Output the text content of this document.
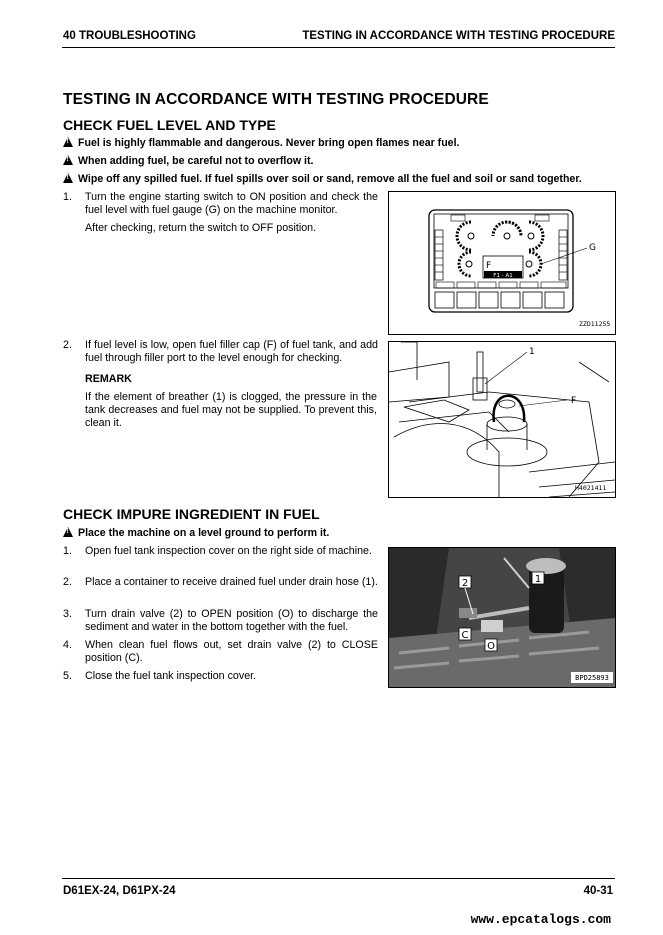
40 TROUBLESHOOTING	TESTING IN ACCORDANCE WITH TESTING PROCEDURE
TESTING IN ACCORDANCE WITH TESTING PROCEDURE
CHECK FUEL LEVEL AND TYPE
!Fuel is highly flammable and dangerous. Never bring open flames near fuel.
!When adding fuel, be careful not to overflow it.
!Wipe off any spilled fuel. If fuel spills over soil or sand, remove all the fuel and soil or sand together.
1. Turn the engine starting switch to ON position and check the fuel level with fuel gauge (G) on the machine monitor.
After checking, return the switch to OFF position.
2. If fuel level is low, open fuel filler cap (F) of fuel tank, and add fuel through filler port to the level enough for checking.
REMARK
If the element of breather (1) is clogged, the pressure in the tank decreases and fuel may not be supplied. To prevent this, clean it.
F1 - A1
F
G
ZZD11255
1
F
H4021411
CHECK IMPURE INGREDIENT IN FUEL
!Place the machine on a level ground to perform it.
1. Open fuel tank inspection cover on the right side of machine.
2. Place a container to receive drained fuel under drain hose (1).
3. Turn drain valve (2) to OPEN position (O) to discharge the sediment and water in the bottom together with the fuel.
4. When clean fuel flows out, set drain valve (2) to CLOSE position (C).
5. Close the fuel tank inspection cover.
2	1
C
O
BPD25893
D61EX-24, D61PX-24	40-31
www.epcatalogs.com
